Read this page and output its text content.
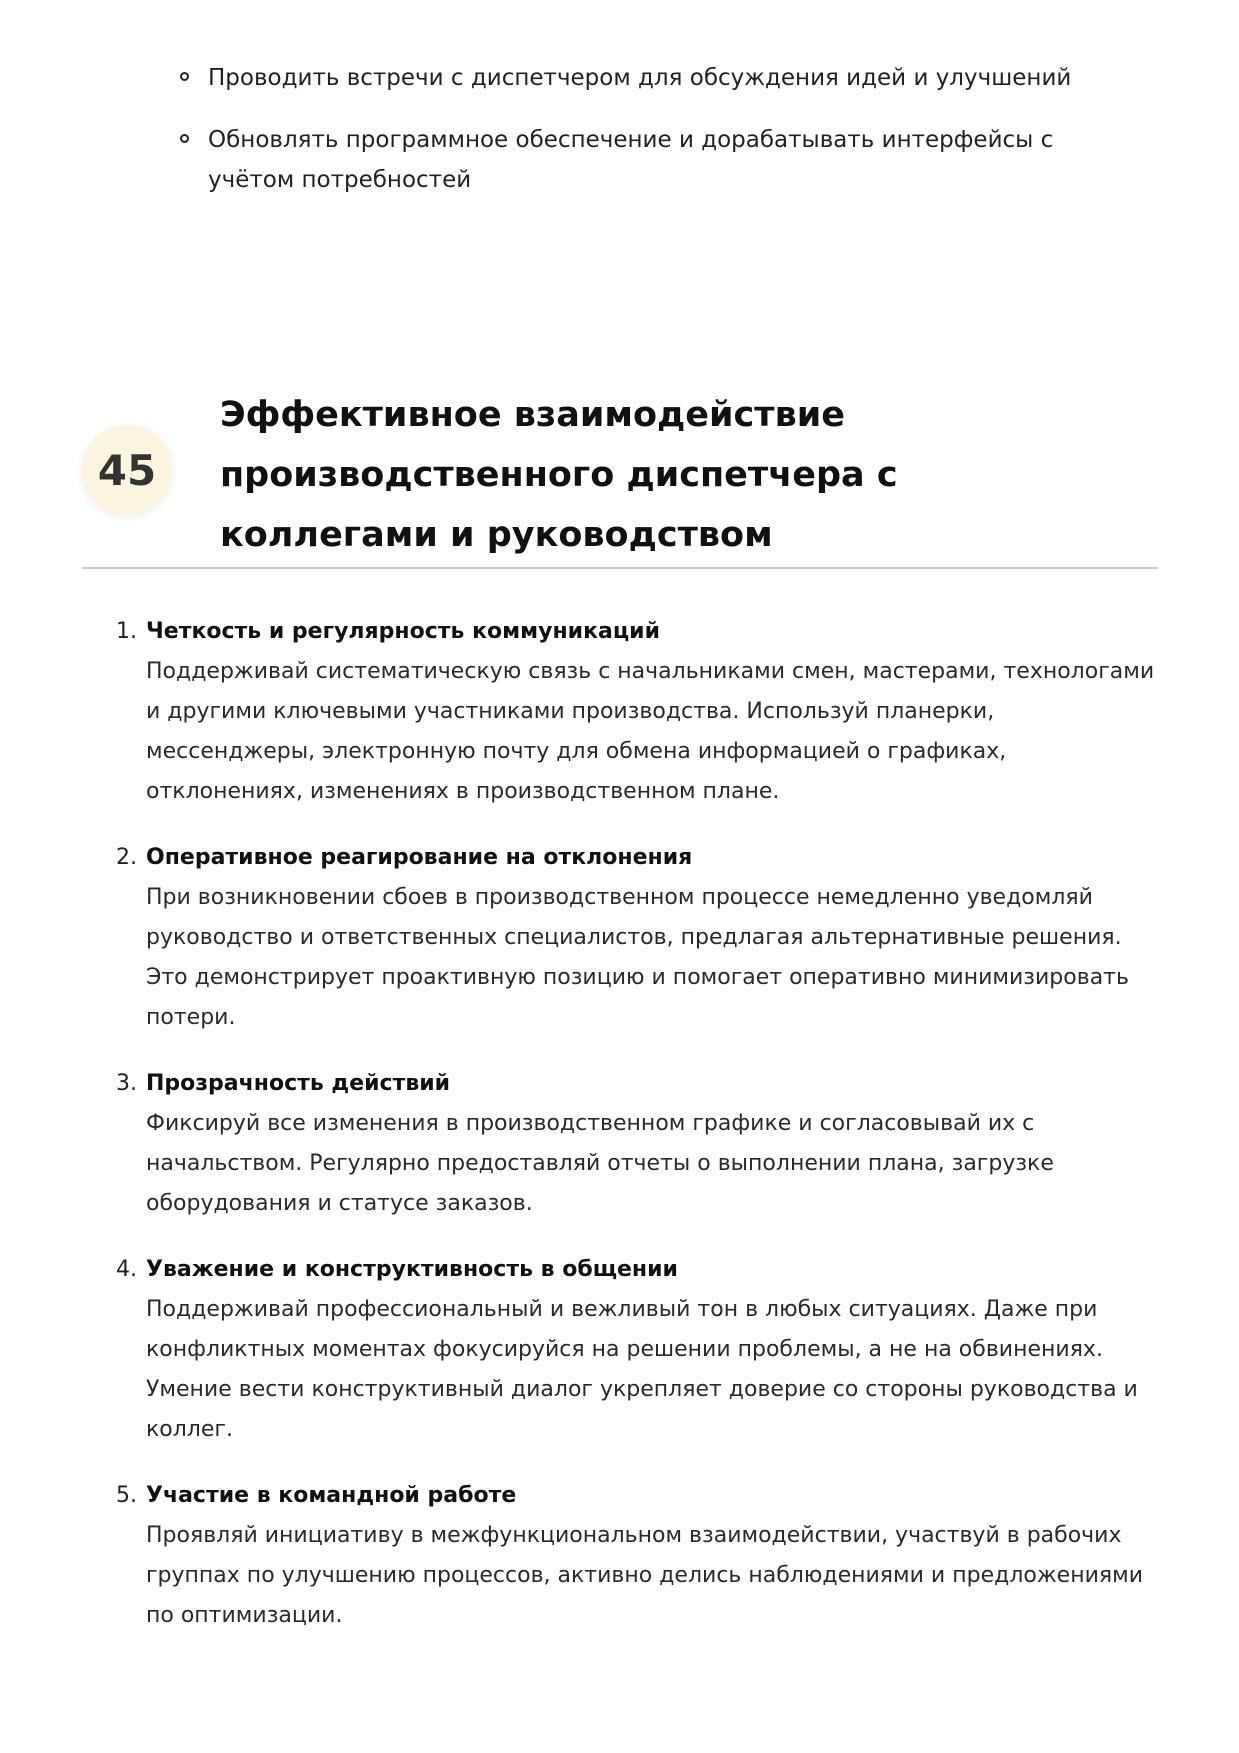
Проводить встречи с диспетчером для обсуждения идей и улучшений
Обновлять программное обеспечение и дорабатывать интерфейсы с учётом потребностей
45
Эффективное взаимодействие производственного диспетчера с коллегами и руководством
1. Четкость и регулярность коммуникаций
Поддерживай систематическую связь с начальниками смен, мастерами, технологами и другими ключевыми участниками производства. Используй планерки, мессенджеры, электронную почту для обмена информацией о графиках, отклонениях, изменениях в производственном плане.
2. Оперативное реагирование на отклонения
При возникновении сбоев в производственном процессе немедленно уведомляй руководство и ответственных специалистов, предлагая альтернативные решения. Это демонстрирует проактивную позицию и помогает оперативно минимизировать потери.
3. Прозрачность действий
Фиксируй все изменения в производственном графике и согласовывай их с начальством. Регулярно предоставляй отчеты о выполнении плана, загрузке оборудования и статусе заказов.
4. Уважение и конструктивность в общении
Поддерживай профессиональный и вежливый тон в любых ситуациях. Даже при конфликтных моментах фокусируйся на решении проблемы, а не на обвинениях. Умение вести конструктивный диалог укрепляет доверие со стороны руководства и коллег.
5. Участие в командной работе
Проявляй инициативу в межфункциональном взаимодействии, участвуй в рабочих группах по улучшению процессов, активно делись наблюдениями и предложениями по оптимизации.
